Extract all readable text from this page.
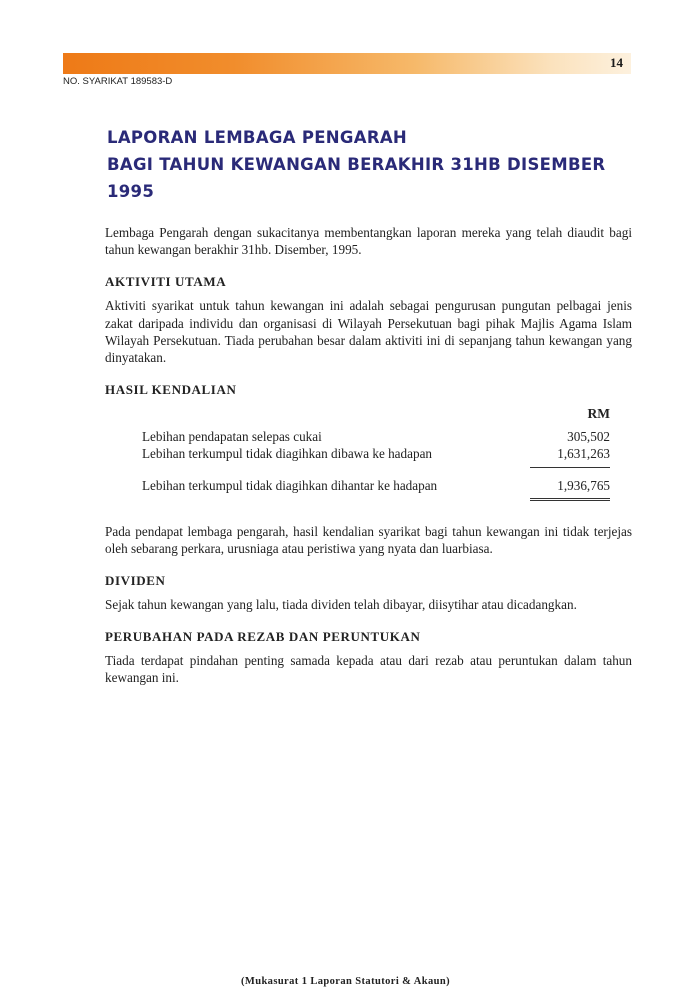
14
NO. SYARIKAT 189583-D
LAPORAN LEMBAGA PENGARAH
BAGI TAHUN KEWANGAN BERAKHIR 31HB DISEMBER 1995

Lembaga Pengarah dengan sukacitanya membentangkan laporan mereka yang telah diaudit bagi tahun kewangan berakhir 31hb. Disember, 1995.

AKTIVITI UTAMA

Aktiviti syarikat untuk tahun kewangan ini adalah sebagai pengurusan pungutan pelbagai jenis zakat daripada individu dan organisasi di Wilayah Persekutuan bagi pihak Majlis Agama Islam Wilayah Persekutuan. Tiada perubahan besar dalam aktiviti ini di sepanjang tahun kewangan yang dinyatakan.

HASIL KENDALIAN
RM
Lebihan pendapatan selepas cukai	305,502
Lebihan terkumpul tidak diagihkan dibawa ke hadapan	1,631,263
Lebihan terkumpul tidak diagihkan dihantar ke hadapan	1,936,765

Pada pendapat lembaga pengarah, hasil kendalian syarikat bagi tahun kewangan ini tidak terjejas oleh sebarang perkara, urusniaga atau peristiwa yang nyata dan luarbiasa.

DIVIDEN

Sejak tahun kewangan yang lalu, tiada dividen telah dibayar, diisytihar atau dicadangkan.

PERUBAHAN PADA REZAB DAN PERUNTUKAN

Tiada terdapat pindahan penting samada kepada atau dari rezab atau peruntukan dalam tahun kewangan ini.

(Mukasurat 1 Laporan Statutori & Akaun)
